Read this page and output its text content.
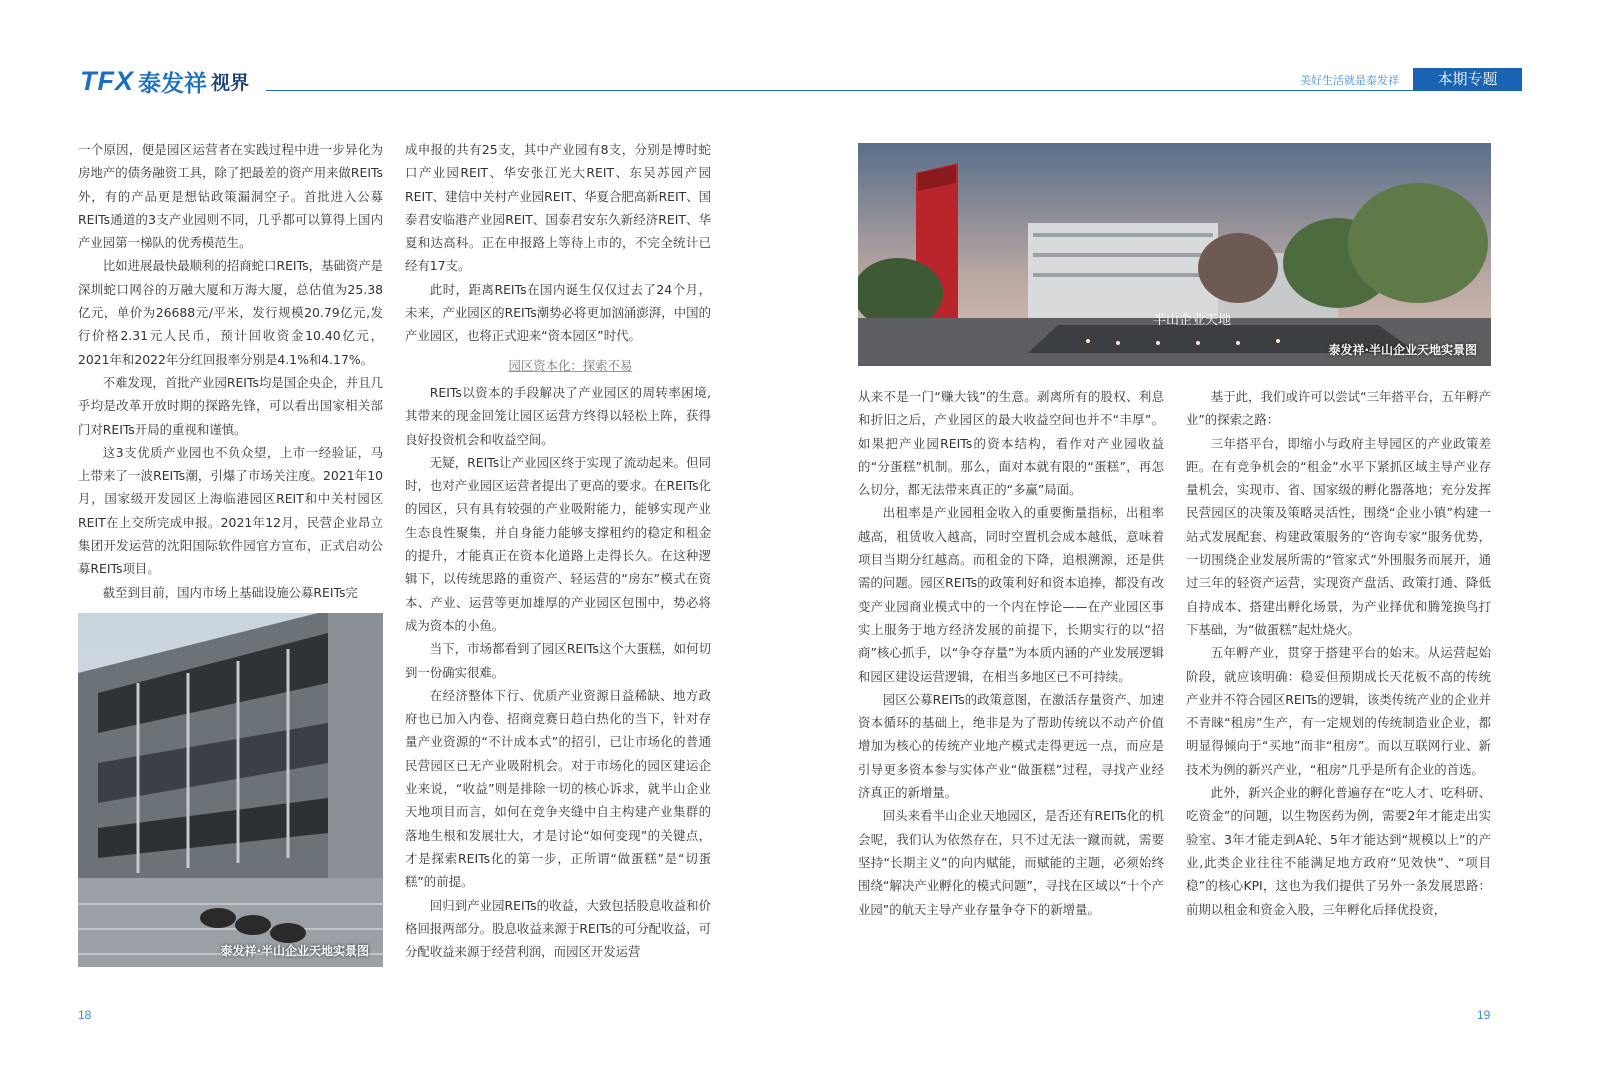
TFX 泰发祥 视界	美好生活就是泰发祥	本期专题

一个原因，便是园区运营者在实践过程中进一步异化为房地产的债务融资工具，除了把最差的资产用来做REITs外，有的产品更是想钻政策漏洞空子。首批进入公募REITs通道的3支产业园则不同，几乎都可以算得上国内产业园第一梯队的优秀模范生。

比如进展最快最顺利的招商蛇口REITs，基础资产是深圳蛇口网谷的万融大厦和万海大厦，总估值为25.38亿元，单价为26688元/平米，发行规模20.79亿元,发行价格2.31元人民币，预计回收资金10.40亿元，2021年和2022年分红回报率分别是4.1%和4.17%。

不难发现，首批产业园REITs均是国企央企，并且几乎均是改革开放时期的探路先锋，可以看出国家相关部门对REITs开局的重视和谨慎。

这3支优质产业园也不负众望，上市一经验证，马上带来了一波REITs潮，引爆了市场关注度。2021年10月，国家级开发园区上海临港园区REIT和中关村园区REIT在上交所完成申报。2021年12月，民营企业昂立集团开发运营的沈阳国际软件园官方宣布，正式启动公募REITs项目。

截至到目前，国内市场上基础设施公募REITs完

泰发祥·半山企业天地实景图

成申报的共有25支，其中产业园有8支，分别是博时蛇口产业园REIT、华安张江光大REIT、东吴苏园产园REIT、建信中关村产业园REIT、华夏合肥高新REIT、国泰君安临港产业园REIT、国泰君安东久新经济REIT、华夏和达高科。正在申报路上等待上市的，不完全统计已经有17支。

此时，距离REITs在国内诞生仅仅过去了24个月，未来，产业园区的REITs潮势必将更加汹涌澎湃，中国的产业园区，也将正式迎来“资本园区”时代。

园区资本化：探索不易

REITs以资本的手段解决了产业园区的周转率困境,其带来的现金回笼让园区运营方终得以轻松上阵，获得良好投资机会和收益空间。

无疑，REITs让产业园区终于实现了流动起来。但同时，也对产业园区运营者提出了更高的要求。在REITs化的园区，只有具有较强的产业吸附能力，能够实现产业生态良性聚集，并自身能力能够支撑租约的稳定和租金的提升，才能真正在资本化道路上走得长久。在这种逻辑下，以传统思路的重资产、轻运营的“房东”模式在资本、产业、运营等更加雄厚的产业园区包围中，势必将成为资本的小鱼。

当下，市场都看到了园区REITs这个大蛋糕，如何切到一份确实很难。

在经济整体下行、优质产业资源日益稀缺、地方政府也已加入内卷、招商竞赛日趋白热化的当下，针对存量产业资源的“不计成本式”的招引，已让市场化的普通民营园区已无产业吸附机会。对于市场化的园区建运企业来说，“收益”则是排除一切的核心诉求，就半山企业天地项目而言，如何在竞争夹缝中自主构建产业集群的落地生根和发展壮大，才是讨论“如何变现”的关键点，才是探索REITs化的第一步，正所谓“做蛋糕”是“切蛋糕”的前提。

回归到产业园REITs的收益，大致包括股息收益和价格回报两部分。股息收益来源于REITs的可分配收益，可分配收益来源于经营利润，而园区开发运营

18
半山企业天地
泰发祥·半山企业天地实景图

从来不是一门“赚大钱”的生意。剥离所有的股权、利息和折旧之后，产业园区的最大收益空间也并不“丰厚”。如果把产业园REITs的资本结构，看作对产业园收益的“分蛋糕”机制。那么，面对本就有限的“蛋糕”，再怎么切分，都无法带来真正的“多赢”局面。

出租率是产业园租金收入的重要衡量指标，出租率越高，租赁收入越高，同时空置机会成本越低，意味着项目当期分红越高。而租金的下降，追根溯源，还是供需的问题。园区REITs的政策利好和资本追捧，都没有改变产业园商业模式中的一个内在悖论——在产业园区事实上服务于地方经济发展的前提下，长期实行的以“招商”核心抓手，以“争夺存量”为本质内涵的产业发展逻辑和园区建设运营逻辑，在相当多地区已不可持续。

园区公募REITs的政策意图，在激活存量资产、加速资本循环的基础上，绝非是为了帮助传统以不动产价值增加为核心的传统产业地产模式走得更远一点，而应是引导更多资本参与实体产业“做蛋糕”过程，寻找产业经济真正的新增量。

回头来看半山企业天地园区，是否还有REITs化的机会呢，我们认为依然存在，只不过无法一蹴而就，需要坚持“长期主义”的向内赋能，而赋能的主题，必须始终围绕“解决产业孵化的模式问题”，寻找在区域以“十个产业园”的航天主导产业存量争夺下的新增量。

基于此，我们或许可以尝试“三年搭平台，五年孵产业”的探索之路：

三年搭平台，即缩小与政府主导园区的产业政策差距。在有竞争机会的“租金”水平下紧抓区域主导产业存量机会，实现市、省、国家级的孵化器落地；充分发挥民营园区的决策及策略灵活性，围绕“企业小镇”构建一站式发展配套、构建政策服务的“咨询专家”服务优势，一切围绕企业发展所需的“管家式”外围服务而展开，通过三年的轻资产运营，实现资产盘活、政策打通、降低自持成本、搭建出孵化场景，为产业择优和腾笼换鸟打下基础，为“做蛋糕”起灶烧火。

五年孵产业，贯穿于搭建平台的始末。从运营起始阶段，就应该明确：稳妥但预期成长天花板不高的传统产业并不符合园区REITs的逻辑，该类传统产业的企业并不青睐“租房”生产，有一定规划的传统制造业企业，都明显得倾向于“买地”而非“租房”。而以互联网行业、新技术为例的新兴产业，“租房”几乎是所有企业的首选。

此外，新兴企业的孵化普遍存在“吃人才、吃科研、吃资金”的问题，以生物医药为例，需要2年才能走出实验室、3年才能走到A轮、5年才能达到“规模以上”的产业,此类企业往往不能满足地方政府“见效快”、“项目稳”的核心KPI，这也为我们提供了另外一条发展思路：前期以租金和资金入股，三年孵化后择优投资，

19
